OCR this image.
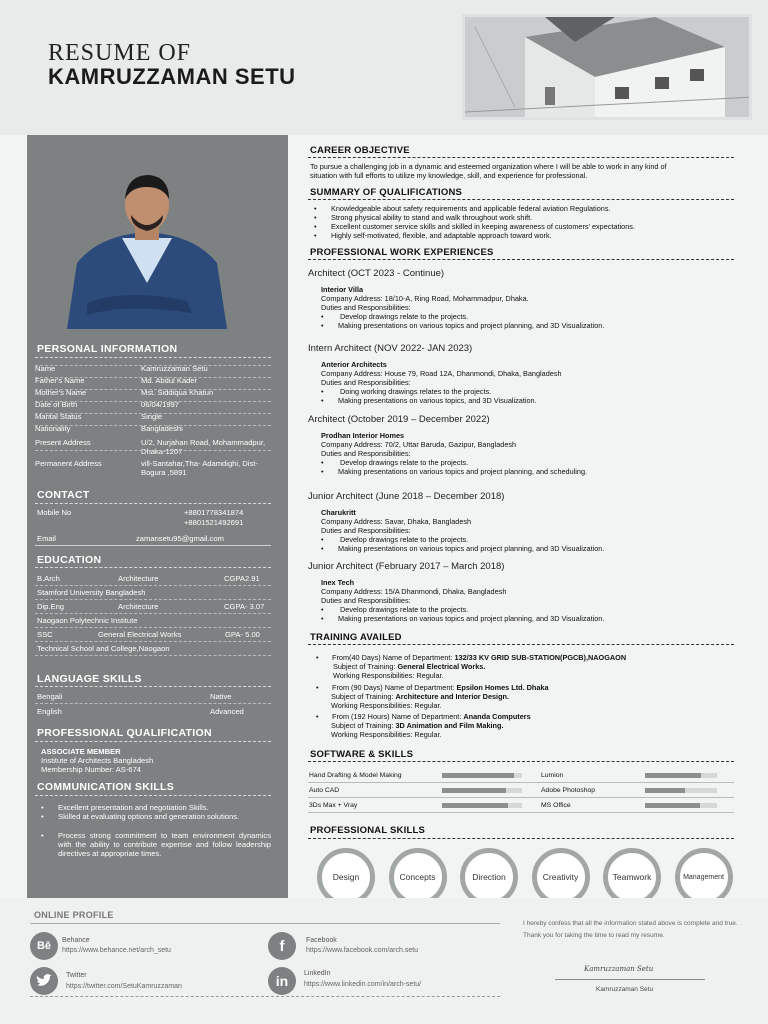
RESUME OF
KAMRUZZAMAN SETU
PERSONAL INFORMATION
Name	Kamruzzaman Setu
Father's Name	Md. Abdul Kader
Mother's Name	Mst. Siddiqua Khatun
Date of Birth	06/04/1997
Marital Status	Single
Nationality	Bangladeshi
Present Address	U/2, Nurjahan Road, Mohammadpur, Dhaka-1207
Permanent Address	vill-Santahar,Tha- Adamdighi, Dist- Bogura ,5891
CONTACT
Mobile No	+8801778341874
+8801521492691
Email	zamansetu95@gmail.com
EDUCATION
B.Arch	Architecture	CGPA2.91
Stamford University Bangladesh
Dip.Eng	Architecture	CGPA- 3.07
Naogaon Polytechnic Institute
SSC	General Electrical Works	GPA- 5.00
Technical School and College,Naogaon
LANGUAGE SKILLS
Bengali	Native
English	Advanced
PROFESSIONAL QUALIFICATION
ASSOCIATE MEMBER
Institute of Architects Bangladesh
Membership Number: AS-674
COMMUNICATION SKILLS
• Excellent presentation and negotiation Skills.
• Skilled at evaluating options and generation solutions.
• Process strong commitment to team environment dynamics with the ability to contribute expertise and follow leadership directives at appropriate times.
CAREER OBJECTIVE
To pursue a challenging job in a dynamic and esteemed organization where I will be able to work in any kind of
situation with full efforts to utilize my knowledge, skill, and experience for professional.
SUMMARY OF QUALIFICATIONS
• Knowledgeable about safety requirements and applicable federal aviation Regulations.
• Strong physical ability to stand and walk throughout work shift.
• Excellent customer service skills and skilled in keeping awareness of customers' expectations.
• Highly self-motivated, flexible, and adaptable approach toward work.
PROFESSIONAL WORK EXPERIENCES
Architect (OCT 2023 - Continue)
Interior Villa
Company Address: 18/10-A, Ring Road, Mohammadpur, Dhaka.
Duties and Responsibilities:
• Develop drawings relate to the projects.
• Making presentations on various topics and project planning, and 3D Visualization.
Intern Architect (NOV 2022- JAN 2023)
Anterior Architects
Company Address: House 79, Road 12A, Dhanmondi, Dhaka, Bangladesh
Duties and Responsibilities:
• Doing working drawings relates to the projects.
• Making presentations on various topics, and 3D Visualization.
Architect (October 2019 – December 2022)
Prodhan Interior Homes
Company Address: 70/2, Uttar Baruda, Gazipur, Bangladesh
Duties and Responsibilities:
• Develop drawings relate to the projects.
• Making presentations on various topics and project planning, and scheduling.
Junior Architect (June 2018 – December 2018)
Charukritt
Company Address: Savar, Dhaka, Bangladesh
Duties and Responsibilities:
• Develop drawings relate to the projects.
• Making presentations on various topics and project planning, and 3D Visualization.
Junior Architect (February 2017 – March 2018)
Inex Tech
Company Address: 15/A Dhanmondi, Dhaka, Bangladesh
Duties and Responsibilities:
• Develop drawings relate to the projects.
• Making presentations on various topics and project planning, and 3D Visualization.
TRAINING AVAILED
• From(40 Days) Name of Department: 132/33 KV GRID SUB-STATION(PGCB),NAOGAON
Subject of Training: General Electrical Works.
Working Responsibilities: Regular.
• From (90 Days) Name of Department: Epsilon Homes Ltd. Dhaka
Subject of Training: Architecture and Interior Design.
Working Responsibilities: Regular.
• From (192 Hours) Name of Department: Ananda Computers
Subject of Training: 3D Animation and Film Making.
Working Responsibilities: Regular.
SOFTWARE & SKILLS
Hand Drafting & Model Making	Lumion
Auto CAD	Adobe Photoshop
3Ds Max + Vray	MS Office
PROFESSIONAL SKILLS
Design	Concepts	Direction	Creativity	Teamwork	Management
ONLINE PROFILE
Bē	Behance
https://www.behance.net/arch_setu	f	Facebook
https://www.facebook.com/arch.setu
Twitter
https://twitter.com/SetuKamruzzaman	in	LinkedIn
https://www.linkedin.com/in/arch-setu/
I hereby confess that all the information stated above is complete and true. Thank you for taking the time to read my resume.
Kamruzzaman Setu
Kamruzzaman Setu
